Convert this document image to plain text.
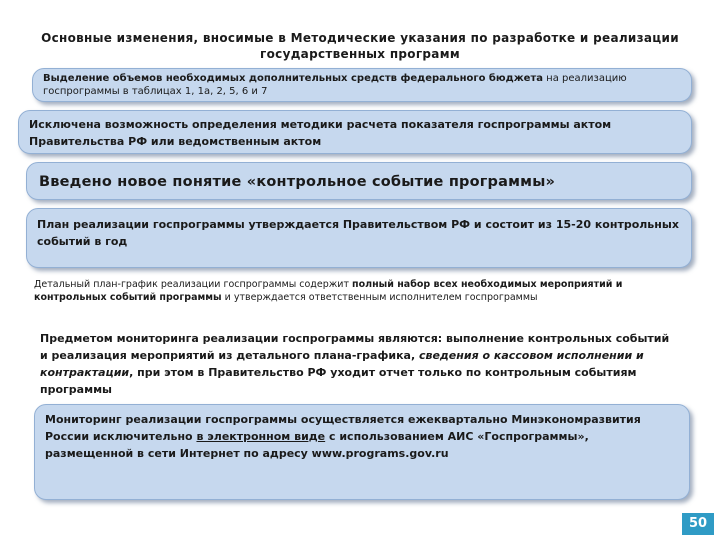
Основные изменения, вносимые в Методические указания по разработке и реализации государственных программ
Выделение объемов необходимых дополнительных средств федерального бюджета на реализацию госпрограммы в таблицах 1, 1а, 2, 5, 6 и 7
Исключена возможность определения методики расчета показателя госпрограммы актом Правительства РФ или ведомственным актом
Введено новое понятие «контрольное событие программы»
План реализации госпрограммы утверждается Правительством РФ и состоит из 15-20 контрольных событий в год
Детальный план-график реализации госпрограммы содержит полный набор всех необходимых мероприятий и контрольных событий программы и утверждается ответственным исполнителем госпрограммы
Предметом мониторинга реализации госпрограммы являются: выполнение контрольных событий и реализация мероприятий из детального плана-графика, сведения о кассовом исполнении и контрактации, при этом в Правительство РФ уходит отчет только по контрольным событиям программы
Мониторинг реализации госпрограммы осуществляется ежеквартально Минэкономразвития России исключительно в электронном виде с использованием АИС «Госпрограммы», размещенной в сети Интернет по адресу www.programs.gov.ru
50
